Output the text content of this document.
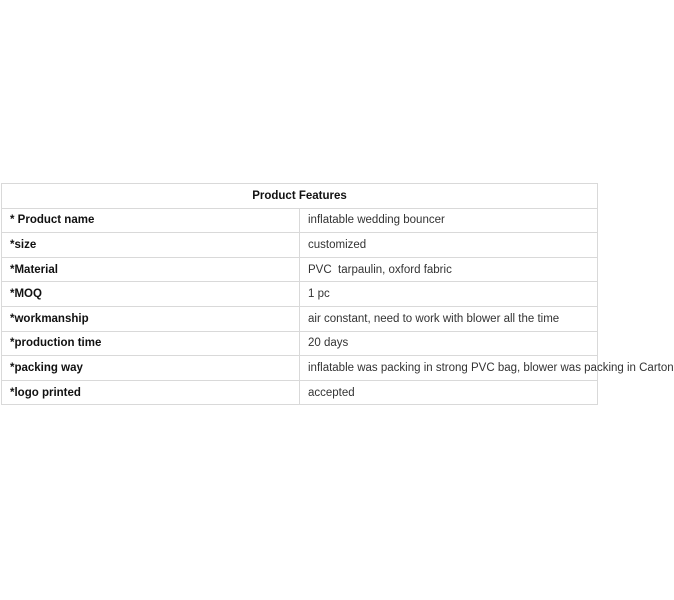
Product Features	
* Product name	inflatable wedding bouncer
*size	customized
*Material	PVC  tarpaulin, oxford fabric
*MOQ	1 pc
*workmanship	air constant, need to work with blower all the time
*production time	20 days
*packing way	inflatable was packing in strong PVC bag, blower was packing in Carton
*logo printed	accepted
